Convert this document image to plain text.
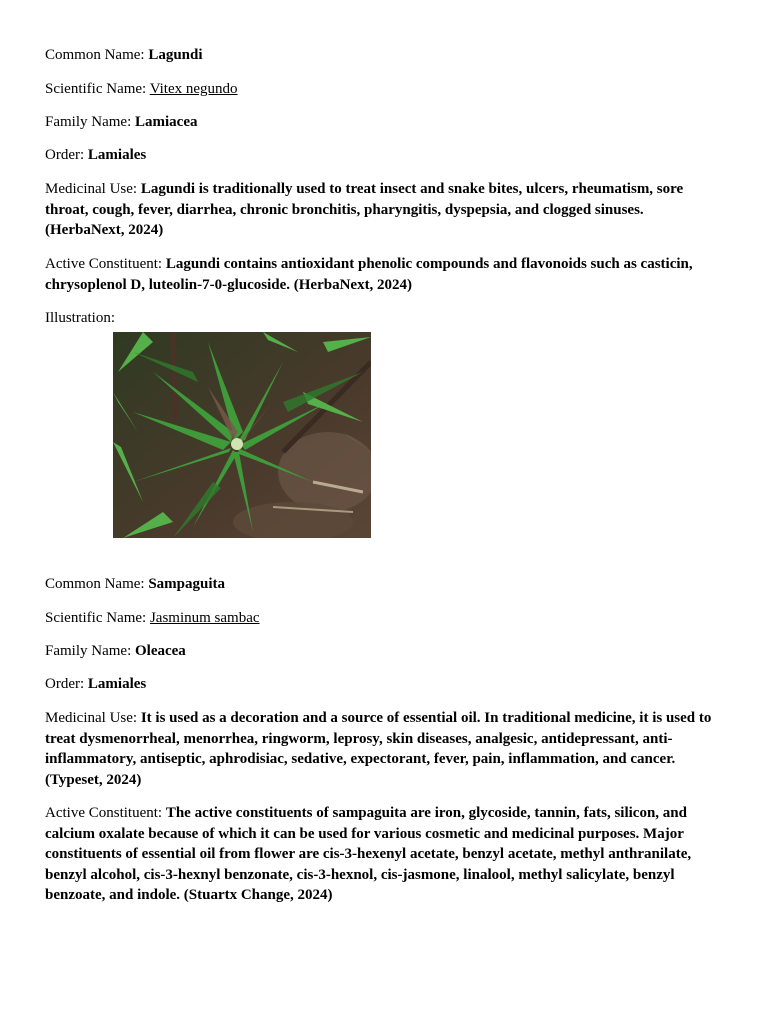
Common Name: Lagundi

Scientific Name: Vitex negundo

Family Name: Lamiacea

Order: Lamiales

Medicinal Use: Lagundi is traditionally used to treat insect and snake bites, ulcers, rheumatism, sore throat, cough, fever, diarrhea, chronic bronchitis, pharyngitis, dyspepsia, and clogged sinuses. (HerbaNext, 2024)

Active Constituent: Lagundi contains antioxidant phenolic compounds and flavonoids such as casticin, chrysoplenol D, luteolin-7-0-glucoside. (HerbaNext, 2024)

Illustration:

Common Name: Sampaguita

Scientific Name: Jasminum sambac

Family Name: Oleacea

Order: Lamiales

Medicinal Use: It is used as a decoration and a source of essential oil. In traditional medicine, it is used to treat dysmenorrheal, menorrhea, ringworm, leprosy, skin diseases, analgesic, antidepressant, anti-inflammatory, antiseptic, aphrodisiac, sedative, expectorant, fever, pain, inflammation, and cancer. (Typeset, 2024)

Active Constituent: The active constituents of sampaguita are iron, glycoside, tannin, fats, silicon, and calcium oxalate because of which it can be used for various cosmetic and medicinal purposes. Major constituents of essential oil from flower are cis-3-hexenyl acetate, benzyl acetate, methyl anthranilate, benzyl alcohol, cis-3-hexnyl benzonate, cis-3-hexnol, cis-jasmone, linalool, methyl salicylate, benzyl benzoate, and indole. (Stuartx Change, 2024)
